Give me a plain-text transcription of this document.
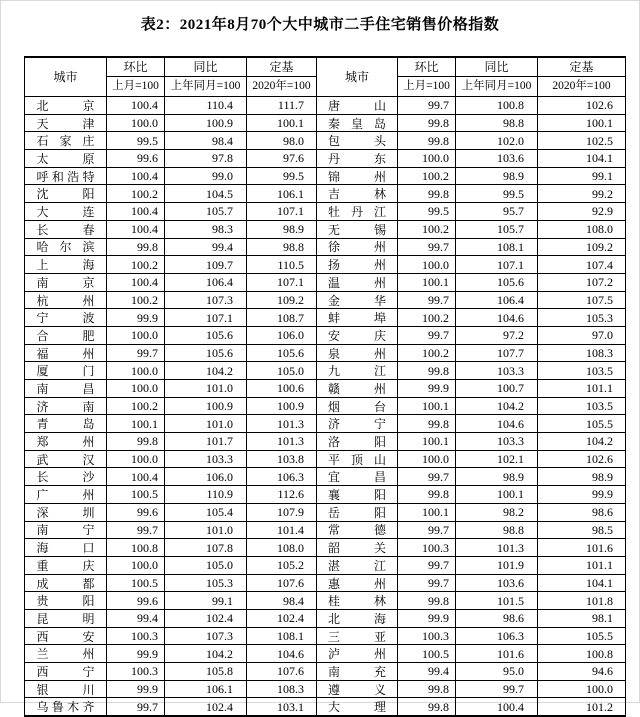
表2：2021年8月70个大中城市二手住宅销售价格指数
城市	环比	同比	定基	城市	环比	同比	定基
	上月=100	上年同月=100	2020年=100		上月=100	上年同月=100	2020年=100

北 京	100.4	110.4	111.7	唐 山	99.7	100.8	102.6

天 津	100.0	100.9	100.1	秦 皇 岛	99.8	98.8	100.1

石 家 庄	99.5	98.4	98.0	包 头	99.8	102.0	102.5

太 原	99.6	97.8	97.6	丹 东	100.0	103.6	104.1

呼 和 浩 特	100.4	99.0	99.5	锦 州	100.2	98.9	99.1

沈 阳	100.2	104.5	106.1	吉 林	99.8	99.5	99.2

大 连	100.4	105.7	107.1	牡 丹 江	99.5	95.7	92.9

长 春	100.4	98.3	98.9	无 锡	100.2	105.7	108.0

哈 尔 滨	99.8	99.4	98.8	徐 州	99.7	108.1	109.2

上 海	100.2	109.7	110.5	扬 州	100.0	107.1	107.4

南 京	100.4	106.4	107.1	温 州	100.1	105.6	107.2

杭 州	100.2	107.3	109.2	金 华	99.7	106.4	107.5

宁 波	99.9	107.1	108.7	蚌 埠	100.2	104.6	105.3

合 肥	100.0	105.6	106.0	安 庆	99.7	97.2	97.0

福 州	99.7	105.6	105.6	泉 州	100.2	107.7	108.3

厦 门	100.0	104.2	105.0	九 江	99.8	103.3	103.5

南 昌	100.0	101.0	100.6	赣 州	99.9	100.7	101.1

济 南	100.2	100.9	100.9	烟 台	100.1	104.2	103.5

青 岛	100.1	101.0	101.3	济 宁	99.8	104.6	105.5

郑 州	99.8	101.7	101.3	洛 阳	100.1	103.3	104.2

武 汉	100.0	103.3	103.8	平 顶 山	100.0	102.1	102.6

长 沙	100.4	106.0	106.3	宜 昌	99.7	98.9	98.9

广 州	100.5	110.9	112.6	襄 阳	99.8	100.1	99.9

深 圳	99.6	105.4	107.9	岳 阳	100.1	98.2	98.6

南 宁	99.7	101.0	101.4	常 德	99.7	98.8	98.5

海 口	100.8	107.8	108.0	韶 关	100.3	101.3	101.6

重 庆	100.0	105.0	105.2	湛 江	99.7	101.9	101.1

成 都	100.5	105.3	107.6	惠 州	99.7	103.6	104.1

贵 阳	99.6	99.1	98.4	桂 林	99.8	101.5	101.8

昆 明	99.4	102.4	102.4	北 海	99.9	98.6	98.1

西 安	100.3	107.3	108.1	三 亚	100.3	106.3	105.5

兰 州	99.9	104.2	104.6	泸 州	100.5	101.6	100.8

西 宁	100.3	105.8	107.6	南 充	99.4	95.0	94.6

银 川	99.9	106.1	108.3	遵 义	99.8	99.7	100.0

乌 鲁 木 齐	99.7	102.4	103.1	大 理	99.8	100.4	101.2
